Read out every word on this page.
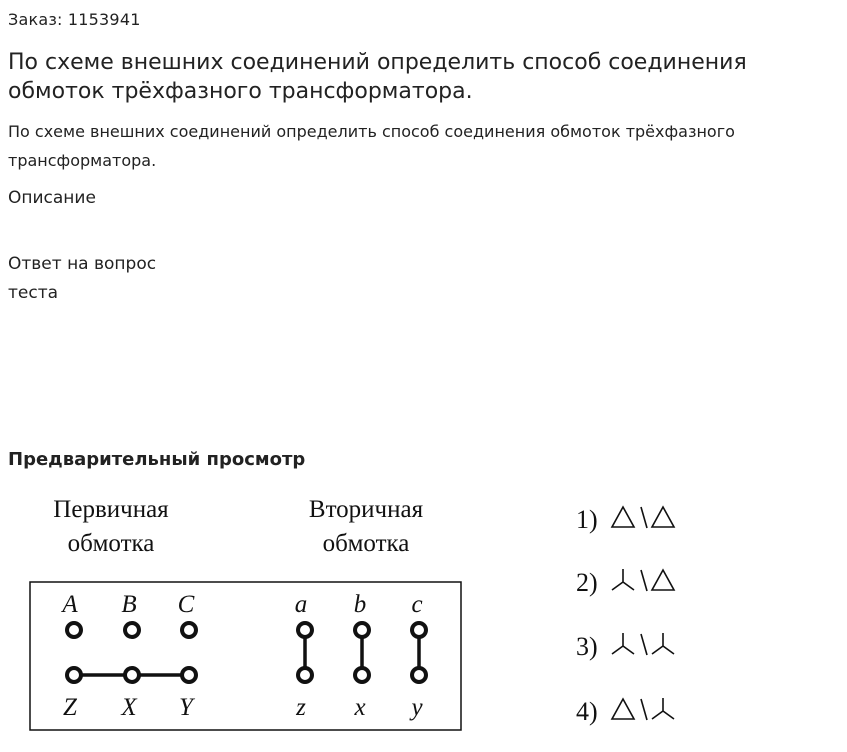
Заказ: 1153941
По схеме внешних соединений определить способ соединения обмоток трёхфазного трансформатора.
По схеме внешних соединений определить способ соединения обмоток трёхфазного трансформатора.
Описание
Ответ на вопрос теста
Предварительный просмотр
Первичная
обмотка
Вторичная
обмотка
A B C
Z X Y
a b c
z x y
1)
2)
3)
4)
